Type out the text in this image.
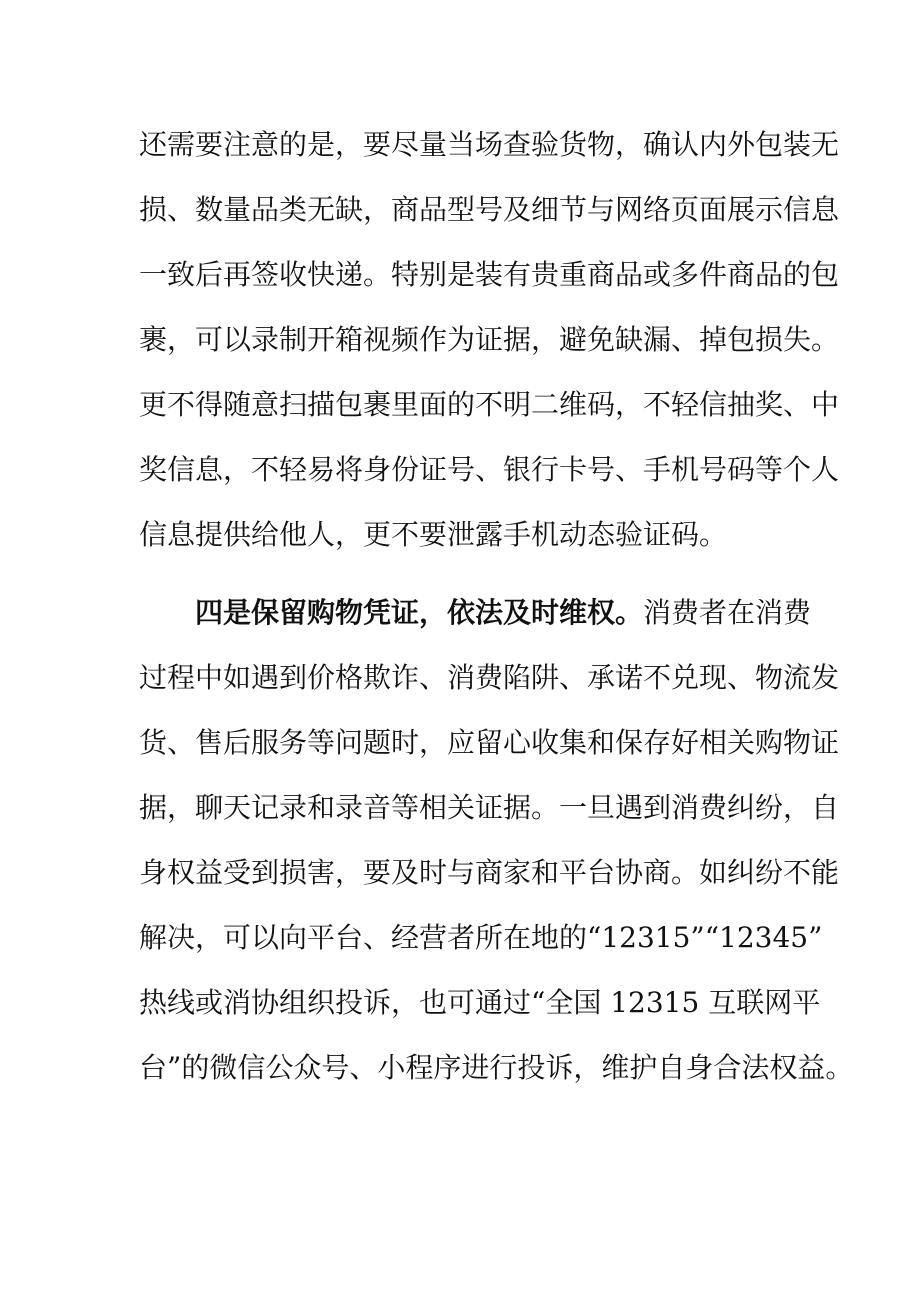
还需要注意的是，要尽量当场查验货物，确认内外包装无
损、数量品类无缺，商品型号及细节与网络页面展示信息
一致后再签收快递。特别是装有贵重商品或多件商品的包
裹，可以录制开箱视频作为证据，避免缺漏、掉包损失。
更不得随意扫描包裹里面的不明二维码，不轻信抽奖、中
奖信息，不轻易将身份证号、银行卡号、手机号码等个人
信息提供给他人，更不要泄露手机动态验证码。
四是保留购物凭证，依法及时维权。消费者在消费
过程中如遇到价格欺诈、消费陷阱、承诺不兑现、物流发
货、售后服务等问题时，应留心收集和保存好相关购物证
据，聊天记录和录音等相关证据。一旦遇到消费纠纷，自
身权益受到损害，要及时与商家和平台协商。如纠纷不能
解决，可以向平台、经营者所在地的“12315”“12345”
热线或消协组织投诉，也可通过“全国 12315 互联网平
台”的微信公众号、小程序进行投诉，维护自身合法权益。
